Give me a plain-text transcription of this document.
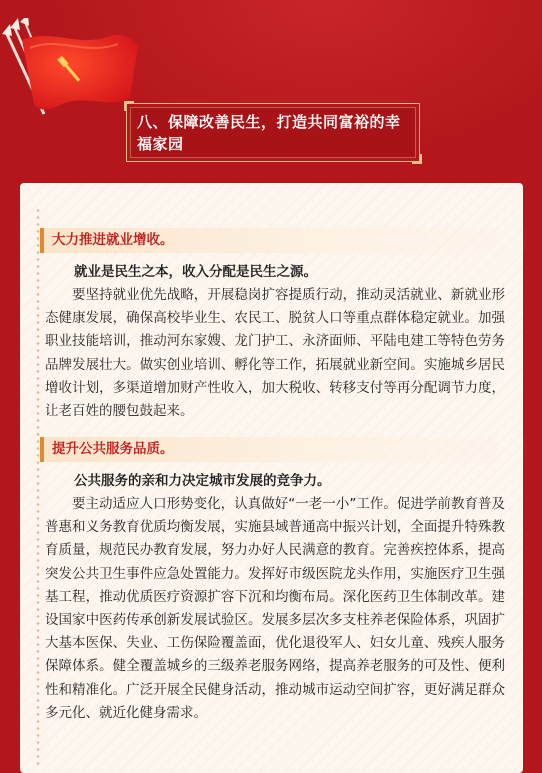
八、保障改善民生，打造共同富裕的幸福家园
大力推进就业增收。
就业是民生之本，收入分配是民生之源。

要坚持就业优先战略，开展稳岗扩容提质行动，推动灵活就业、新就业形态健康发展，确保高校毕业生、农民工、脱贫人口等重点群体稳定就业。加强职业技能培训，推动河东家嫂、龙门护工、永济面师、平陆电建工等特色劳务品牌发展壮大。做实创业培训、孵化等工作，拓展就业新空间。实施城乡居民增收计划，多渠道增加财产性收入，加大税收、转移支付等再分配调节力度，让老百姓的腰包鼓起来。

提升公共服务品质。
公共服务的亲和力决定城市发展的竞争力。

要主动适应人口形势变化，认真做好“一老一小”工作。促进学前教育普及普惠和义务教育优质均衡发展，实施县域普通高中振兴计划，全面提升特殊教育质量，规范民办教育发展，努力办好人民满意的教育。完善疾控体系，提高突发公共卫生事件应急处置能力。发挥好市级医院龙头作用，实施医疗卫生强基工程，推动优质医疗资源扩容下沉和均衡布局。深化医药卫生体制改革。建设国家中医药传承创新发展试验区。发展多层次多支柱养老保险体系，巩固扩大基本医保、失业、工伤保险覆盖面，优化退役军人、妇女儿童、残疾人服务保障体系。健全覆盖城乡的三级养老服务网络，提高养老服务的可及性、便利性和精准化。广泛开展全民健身活动，推动城市运动空间扩容，更好满足群众多元化、就近化健身需求。
